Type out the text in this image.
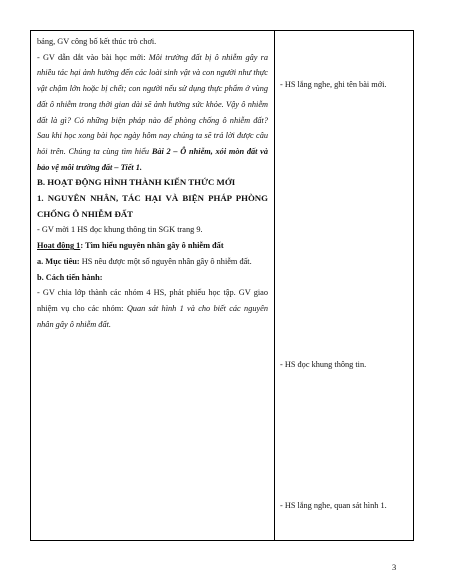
bảng, GV công bố kết thúc trò chơi.

- GV dẫn dắt vào bài học mới: Môi trường đất bị ô nhiễm gây ra nhiều tác hại ảnh hưởng đến các loài sinh vật và con người như thực vật chậm lớn hoặc bị chết; con người nếu sử dụng thực phẩm ở vùng đất ô nhiễm trong thời gian dài sẽ ảnh hưởng sức khỏe. Vậy ô nhiễm đất là gì? Có những biện pháp nào để phòng chống ô nhiễm đất? Sau khi học xong bài học ngày hôm nay chúng ta sẽ trả lời được câu hỏi trên. Chúng ta cùng tìm hiểu Bài 2 – Ô nhiễm, xói mòn đất và bảo vệ môi trường đất – Tiết 1.

B. HOẠT ĐỘNG HÌNH THÀNH KIẾN THỨC MỚI

1. NGUYÊN NHÂN, TÁC HẠI VÀ BIỆN PHÁP PHÒNG CHỐNG Ô NHIỄM ĐẤT

- GV mời 1 HS đọc khung thông tin SGK trang 9.

Hoạt động 1: Tìm hiểu nguyên nhân gây ô nhiễm đất

a. Mục tiêu: HS nêu được một số nguyên nhân gây ô nhiễm đất.

b. Cách tiến hành:

- GV chia lớp thành các nhóm 4 HS, phát phiếu học tập. GV giao nhiệm vụ cho các nhóm: Quan sát hình 1 và cho biết các nguyên nhân gây ô nhiễm đất.

- HS lắng nghe, ghi tên bài mới.
- HS đọc khung thông tin.
- HS lắng nghe, quan sát hình 1.
3
